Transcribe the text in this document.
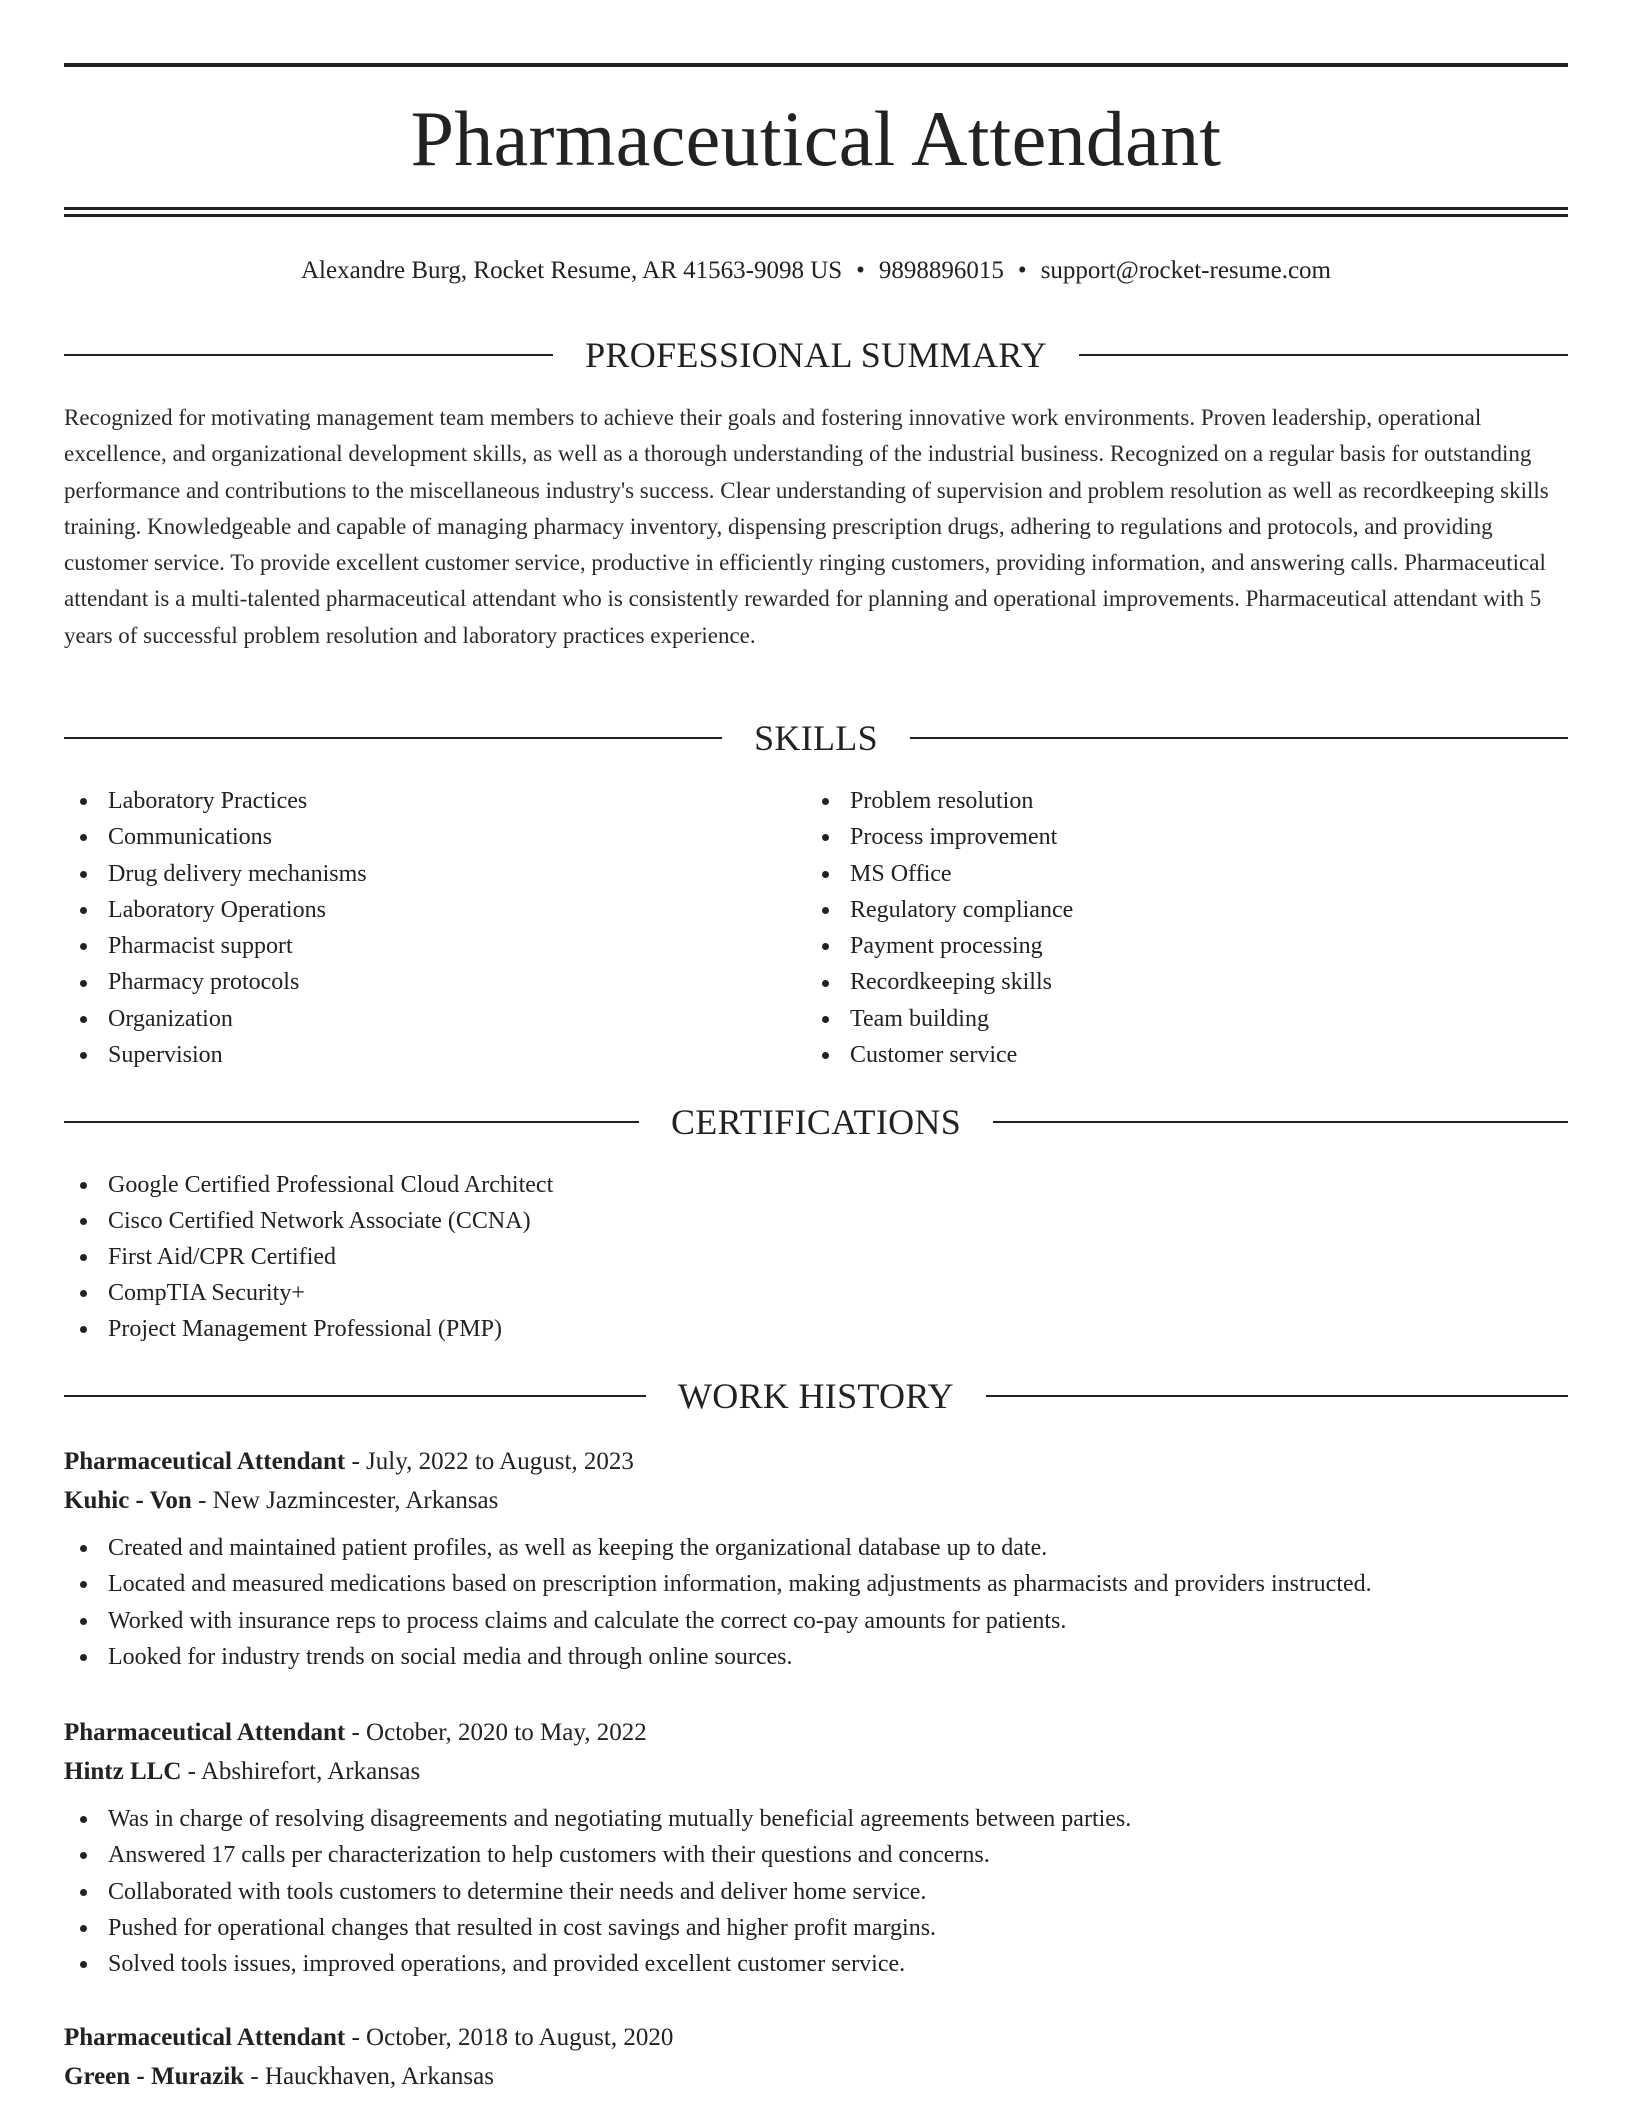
Pharmaceutical Attendant
Alexandre Burg, Rocket Resume, AR 41563-9098 US • 9898896015 • support@rocket-resume.com
PROFESSIONAL SUMMARY

Recognized for motivating management team members to achieve their goals and fostering innovative work environments. Proven leadership, operational excellence, and organizational development skills, as well as a thorough understanding of the industrial business. Recognized on a regular basis for outstanding performance and contributions to the miscellaneous industry's success. Clear understanding of supervision and problem resolution as well as recordkeeping skills training. Knowledgeable and capable of managing pharmacy inventory, dispensing prescription drugs, adhering to regulations and protocols, and providing customer service. To provide excellent customer service, productive in efficiently ringing customers, providing information, and answering calls. Pharmaceutical attendant is a multi-talented pharmaceutical attendant who is consistently rewarded for planning and operational improvements. Pharmaceutical attendant with 5 years of successful problem resolution and laboratory practices experience.

SKILLS
Laboratory Practices
Communications
Drug delivery mechanisms
Laboratory Operations
Pharmacist support
Pharmacy protocols
Organization
Supervision
Problem resolution
Process improvement
MS Office
Regulatory compliance
Payment processing
Recordkeeping skills
Team building
Customer service
CERTIFICATIONS
Google Certified Professional Cloud Architect
Cisco Certified Network Associate (CCNA)
First Aid/CPR Certified
CompTIA Security+
Project Management Professional (PMP)
WORK HISTORY
Pharmaceutical Attendant - July, 2022 to August, 2023
Kuhic - Von - New Jazmincester, Arkansas
Created and maintained patient profiles, as well as keeping the organizational database up to date.
Located and measured medications based on prescription information, making adjustments as pharmacists and providers instructed.
Worked with insurance reps to process claims and calculate the correct co-pay amounts for patients.
Looked for industry trends on social media and through online sources.
Pharmaceutical Attendant - October, 2020 to May, 2022
Hintz LLC - Abshirefort, Arkansas
Was in charge of resolving disagreements and negotiating mutually beneficial agreements between parties.
Answered 17 calls per characterization to help customers with their questions and concerns.
Collaborated with tools customers to determine their needs and deliver home service.
Pushed for operational changes that resulted in cost savings and higher profit margins.
Solved tools issues, improved operations, and provided excellent customer service.
Pharmaceutical Attendant - October, 2018 to August, 2020
Green - Murazik - Hauckhaven, Arkansas
